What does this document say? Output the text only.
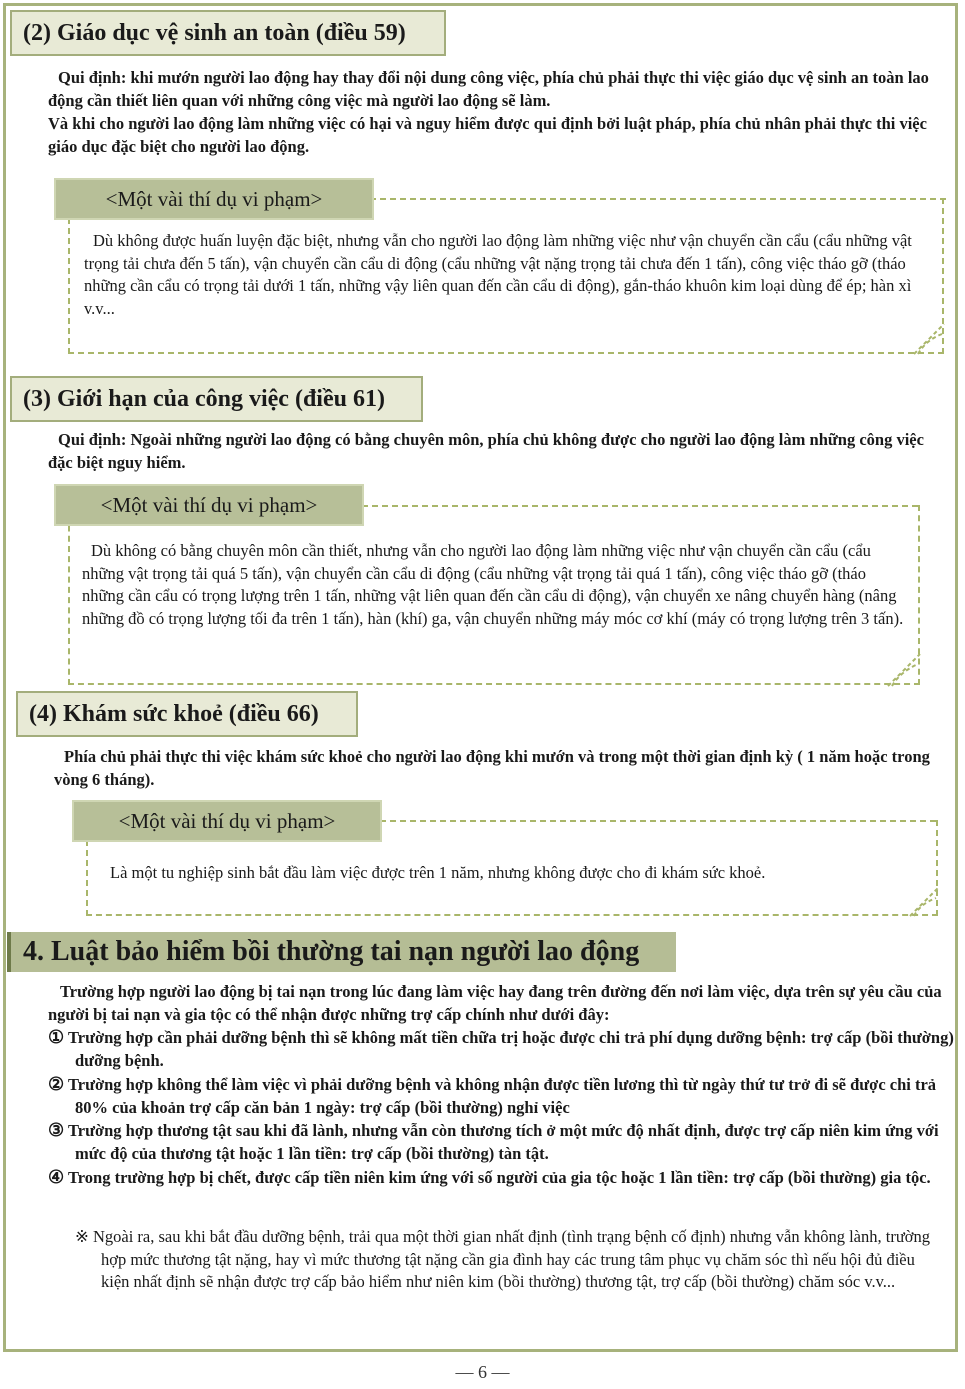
(2) Giáo dục vệ sinh an toàn (điều 59)

Qui định: khi mướn người lao động hay thay đổi nội dung công việc, phía chủ phải thực thi việc giáo dục vệ sinh an toàn lao động cần thiết liên quan với những công việc mà người lao động sẽ làm.

Và khi cho người lao động làm những việc có hại và nguy hiểm được qui định bởi luật pháp, phía chủ nhân phải thực thi việc giáo dục đặc biệt cho người lao động.

<Một vài thí dụ vi phạm>
Dù không được huấn luyện đặc biệt, nhưng vẫn cho người lao động làm những việc như vận chuyển cần cẩu (cẩu những vật trọng tải chưa đến 5 tấn), vận chuyển cần cẩu di động (cẩu những vật nặng trọng tải chưa đến 1 tấn), công việc tháo gỡ (tháo những cần cẩu có trọng tải dưới 1 tấn, những vậy liên quan đến cần cẩu di động), gắn-tháo khuôn kim loại dùng để ép; hàn xì v.v...
(3) Giới hạn của công việc (điều 61)

Qui định: Ngoài những người lao động có bằng chuyên môn, phía chủ không được cho người lao động làm những công việc đặc biệt nguy hiểm.

<Một vài thí dụ vi phạm>
Dù không có bằng chuyên môn cần thiết, nhưng vẫn cho người lao động làm những việc như vận chuyển cần cẩu (cẩu những vật trọng tải quá 5 tấn), vận chuyển cần cẩu di động (cẩu những vật trọng tải quá 1 tấn), công việc tháo gỡ (tháo những cần cẩu có trọng lượng trên 1 tấn, những vật liên quan đến cần cẩu di động), vận chuyển xe nâng chuyển hàng (nâng những đồ có trọng lượng tối đa trên 1 tấn), hàn (khí) ga, vận chuyển những máy móc cơ khí (máy có trọng lượng trên 3 tấn).
(4) Khám sức khoẻ (điều 66)

Phía chủ phải thực thi việc khám sức khoẻ cho người lao động khi mướn và trong một thời gian định kỳ ( 1 năm hoặc trong vòng 6 tháng).

<Một vài thí dụ vi phạm>
Là một tu nghiệp sinh bắt đầu làm việc được trên 1 năm, nhưng không được cho đi khám sức khoẻ.
4. Luật bảo hiểm bồi thường tai nạn người lao động

Trường hợp người lao động bị tai nạn trong lúc đang làm việc hay đang trên đường đến nơi làm việc, dựa trên sự yêu cầu của người bị tai nạn và gia tộc có thể nhận được những trợ cấp chính như dưới đây:

① Trường hợp cần phải dưỡng bệnh thì sẽ không mất tiền chữa trị hoặc được chi trả phí dụng dưỡng bệnh: trợ cấp (bồi thường) dưỡng bệnh.

② Trường hợp không thể làm việc vì phải dưỡng bệnh và không nhận được tiền lương thì từ ngày thứ tư trở đi sẽ được chi trả 80% của khoản trợ cấp căn bản 1 ngày: trợ cấp (bồi thường) nghỉ việc

③ Trường hợp thương tật sau khi đã lành, nhưng vẫn còn thương tích ở một mức độ nhất định, được trợ cấp niên kim ứng với mức độ của thương tật hoặc 1 lần tiền: trợ cấp (bồi thường) tàn tật.

④ Trong trường hợp bị chết, được cấp tiền niên kim ứng với số người của gia tộc hoặc 1 lần tiền: trợ cấp (bồi thường) gia tộc.

※ Ngoài ra, sau khi bắt đầu dưỡng bệnh, trải qua một thời gian nhất định (tình trạng bệnh cố định) nhưng vẫn không lành, trường hợp mức thương tật nặng, hay vì mức thương tật nặng cần gia đình hay các trung tâm phục vụ chăm sóc thì nếu hội đủ điều kiện nhất định sẽ nhận được trợ cấp bảo hiểm như niên kim (bồi thường) thương tật, trợ cấp (bồi thường) chăm sóc v.v...
— 6 —
